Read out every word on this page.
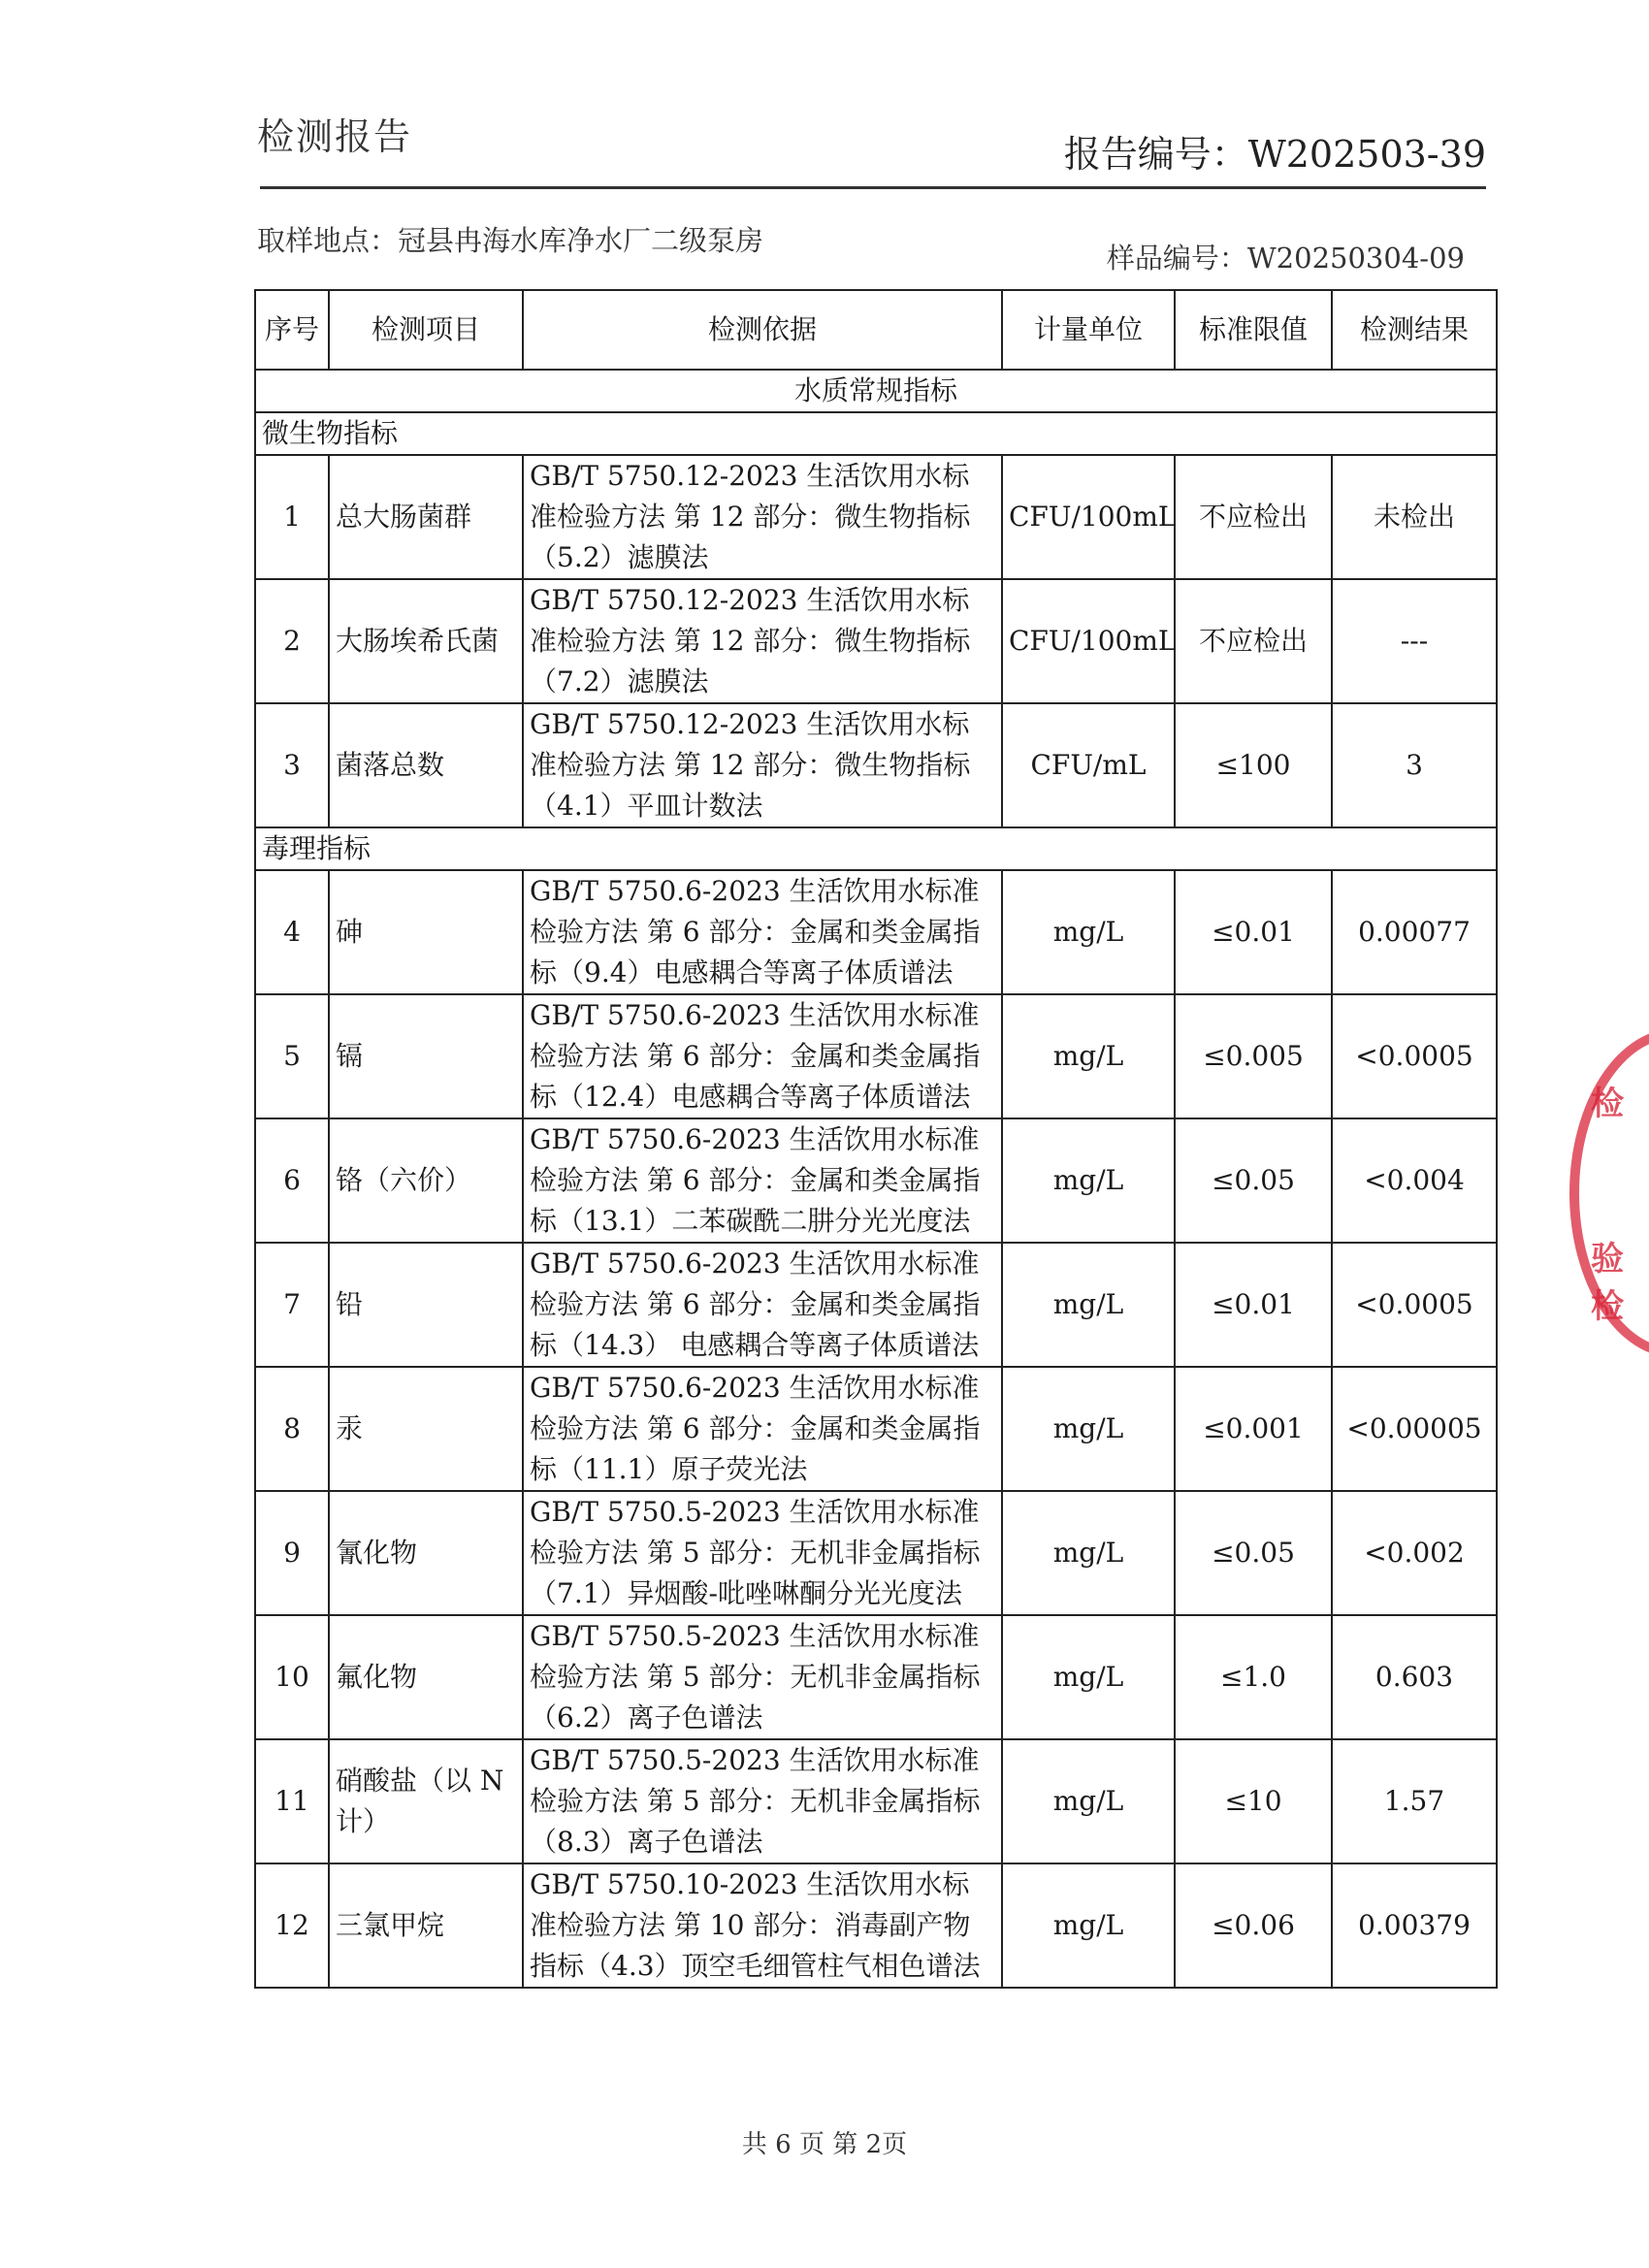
检测报告	报告编号：W202503-39
取样地点：冠县冉海水库净水厂二级泵房
样品编号：W20250304-09
序号	检测项目	检测依据	计量单位	标准限值	检测结果
水质常规指标					
微生物指标					
1	总大肠菌群	GB/T 5750.12-2023 生活饮用水标准检验方法 第 12 部分：微生物指标（5.2）滤膜法	CFU/100mL	不应检出	未检出
2	大肠埃希氏菌	GB/T 5750.12-2023 生活饮用水标准检验方法 第 12 部分：微生物指标（7.2）滤膜法	CFU/100mL	不应检出	---
3	菌落总数	GB/T 5750.12-2023 生活饮用水标准检验方法 第 12 部分：微生物指标（4.1）平皿计数法	CFU/mL	≤100	3
毒理指标					
4	砷	GB/T 5750.6-2023 生活饮用水标准检验方法 第 6 部分：金属和类金属指标（9.4）电感耦合等离子体质谱法	mg/L	≤0.01	0.00077
5	镉	GB/T 5750.6-2023 生活饮用水标准检验方法 第 6 部分：金属和类金属指标（12.4）电感耦合等离子体质谱法	mg/L	≤0.005	<0.0005
6	铬（六价）	GB/T 5750.6-2023 生活饮用水标准检验方法 第 6 部分：金属和类金属指标（13.1）二苯碳酰二肼分光光度法	mg/L	≤0.05	<0.004
7	铅	GB/T 5750.6-2023 生活饮用水标准检验方法 第 6 部分：金属和类金属指标（14.3） 电感耦合等离子体质谱法	mg/L	≤0.01	<0.0005
8	汞	GB/T 5750.6-2023 生活饮用水标准检验方法 第 6 部分：金属和类金属指标（11.1）原子荧光法	mg/L	≤0.001	<0.00005
9	氰化物	GB/T 5750.5-2023 生活饮用水标准检验方法 第 5 部分：无机非金属指标（7.1）异烟酸-吡唑啉酮分光光度法	mg/L	≤0.05	<0.002
10	氟化物	GB/T 5750.5-2023 生活饮用水标准检验方法 第 5 部分：无机非金属指标（6.2）离子色谱法	mg/L	≤1.0	0.603
11	硝酸盐（以 N 计）	GB/T 5750.5-2023 生活饮用水标准检验方法 第 5 部分：无机非金属指标（8.3）离子色谱法	mg/L	≤10	1.57
12	三氯甲烷	GB/T 5750.10-2023 生活饮用水标准检验方法 第 10 部分：消毒副产物指标（4.3）顶空毛细管柱气相色谱法	mg/L	≤0.06	0.00379
共 6 页 第 2页
检
验检
